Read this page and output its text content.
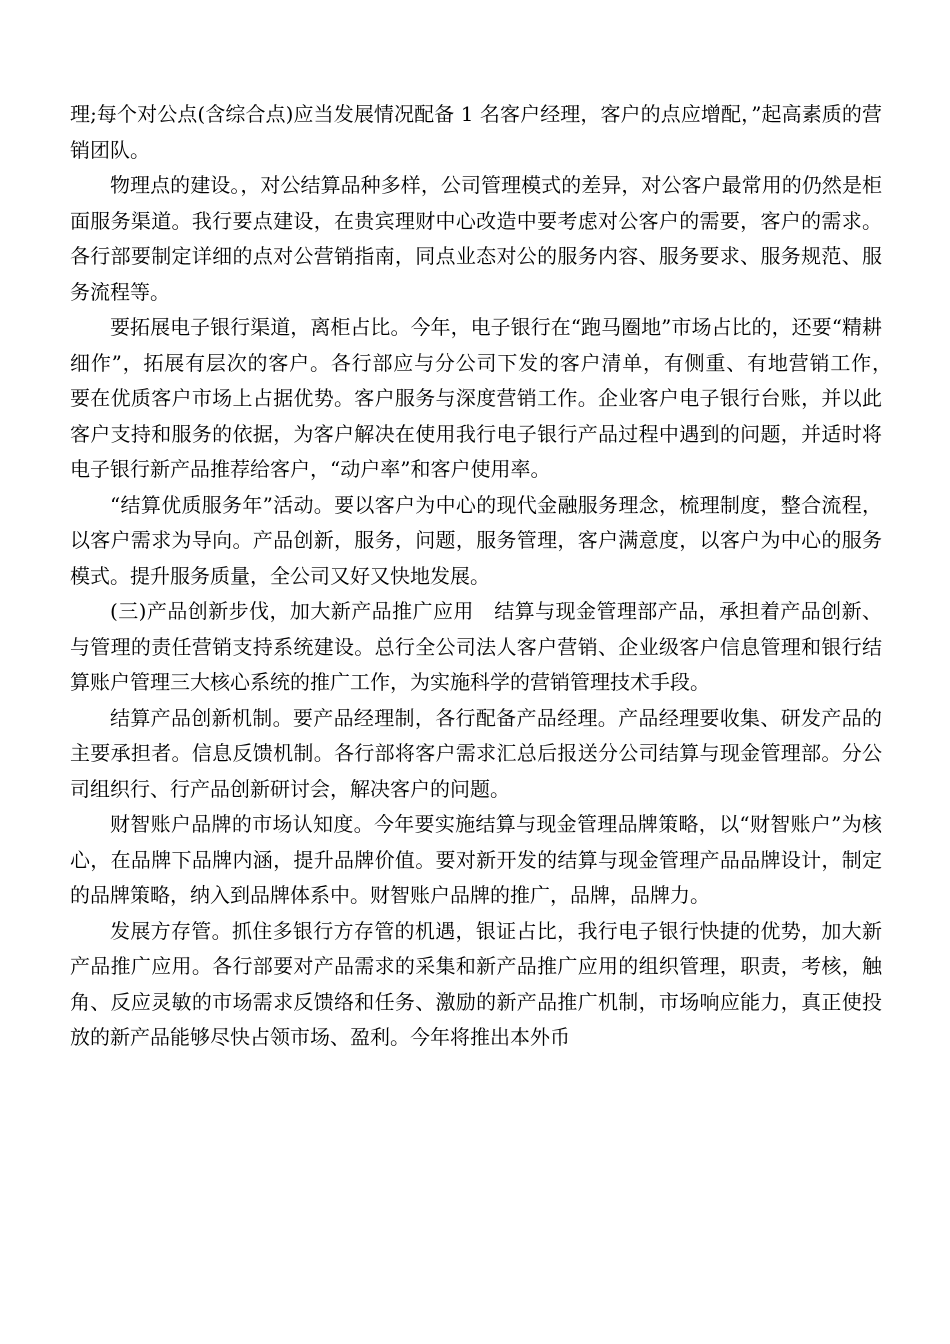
理;每个对公点(含综合点)应当发展情况配备 1 名客户经理，客户的点应增配，”起高素质的营销团队。

物理点的建设。，对公结算品种多样，公司管理模式的差异，对公客户最常用的仍然是柜面服务渠道。我行要点建设，在贵宾理财中心改造中要考虑对公客户的需要，客户的需求。各行部要制定详细的点对公营销指南，同点业态对公的服务内容、服务要求、服务规范、服务流程等。

要拓展电子银行渠道，离柜占比。今年，电子银行在“跑马圈地”市场占比的，还要“精耕细作”，拓展有层次的客户。各行部应与分公司下发的客户清单，有侧重、有地营销工作，　要在优质客户市场上占据优势。客户服务与深度营销工作。企业客户电子银行台账，并以此客户支持和服务的依据，为客户解决在使用我行电子银行产品过程中遇到的问题，并适时将电子银行新产品推荐给客户，“动户率”和客户使用率。

“结算优质服务年”活动。要以客户为中心的现代金融服务理念，梳理制度，整合流程，以客户需求为导向。产品创新，服务，问题，服务管理，客户满意度，以客户为中心的服务模式。提升服务质量，全公司又好又快地发展。

(三)产品创新步伐，加大新产品推广应用　结算与现金管理部产品，承担着产品创新、与管理的责任营销支持系统建设。总行全公司法人客户营销、企业级客户信息管理和银行结算账户管理三大核心系统的推广工作，为实施科学的营销管理技术手段。

结算产品创新机制。要产品经理制，各行配备产品经理。产品经理要收集、研发产品的主要承担者。信息反馈机制。各行部将客户需求汇总后报送分公司结算与现金管理部。分公司组织行、行产品创新研讨会，解决客户的问题。

财智账户品牌的市场认知度。今年要实施结算与现金管理品牌策略，以“财智账户”为核心，在品牌下品牌内涵，提升品牌价值。要对新开发的结算与现金管理产品品牌设计，制定的品牌策略，纳入到品牌体系中。财智账户品牌的推广，品牌，品牌力。

发展方存管。抓住多银行方存管的机遇，银证占比，我行电子银行快捷的优势，加大新产品推广应用。各行部要对产品需求的采集和新产品推广应用的组织管理，职责，考核，触角、反应灵敏的市场需求反馈络和任务、激励的新产品推广机制，市场响应能力，真正使投放的新产品能够尽快占领市场、盈利。今年将推出本外币
